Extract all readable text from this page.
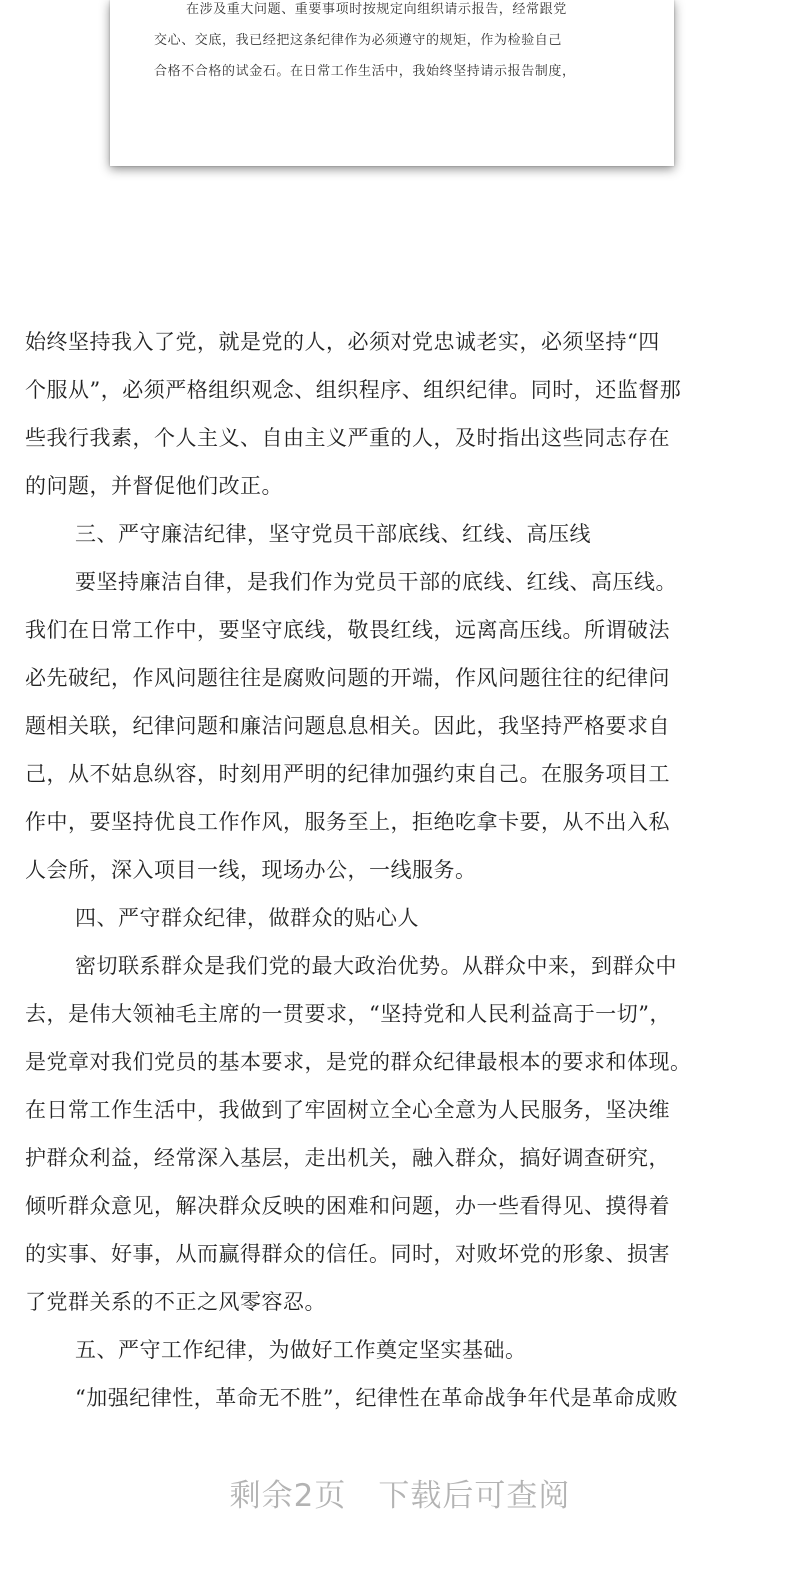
在涉及重大问题、重要事项时按规定向组织请示报告，经常跟党
交心、交底，我已经把这条纪律作为必须遵守的规矩，作为检验自己
合格不合格的试金石。在日常工作生活中，我始终坚持请示报告制度，
始终坚持我入了党，就是党的人，必须对党忠诚老实，必须坚持“四
个服从”，必须严格组织观念、组织程序、组织纪律。同时，还监督那
些我行我素，个人主义、自由主义严重的人，及时指出这些同志存在
的问题，并督促他们改正。
三、严守廉洁纪律，坚守党员干部底线、红线、高压线
要坚持廉洁自律，是我们作为党员干部的底线、红线、高压线。
我们在日常工作中，要坚守底线，敬畏红线，远离高压线。所谓破法
必先破纪，作风问题往往是腐败问题的开端，作风问题往往的纪律问
题相关联，纪律问题和廉洁问题息息相关。因此，我坚持严格要求自
己，从不姑息纵容，时刻用严明的纪律加强约束自己。在服务项目工
作中，要坚持优良工作作风，服务至上，拒绝吃拿卡要，从不出入私
人会所，深入项目一线，现场办公，一线服务。
四、严守群众纪律，做群众的贴心人
密切联系群众是我们党的最大政治优势。从群众中来，到群众中
去，是伟大领袖毛主席的一贯要求，“坚持党和人民利益高于一切”，
是党章对我们党员的基本要求，是党的群众纪律最根本的要求和体现。
在日常工作生活中，我做到了牢固树立全心全意为人民服务，坚决维
护群众利益，经常深入基层，走出机关，融入群众，搞好调查研究，
倾听群众意见，解决群众反映的困难和问题，办一些看得见、摸得着
的实事、好事，从而赢得群众的信任。同时，对败坏党的形象、损害
了党群关系的不正之风零容忍。
五、严守工作纪律，为做好工作奠定坚实基础。
“加强纪律性，革命无不胜”，纪律性在革命战争年代是革命成败
剩余2页　下载后可查阅
